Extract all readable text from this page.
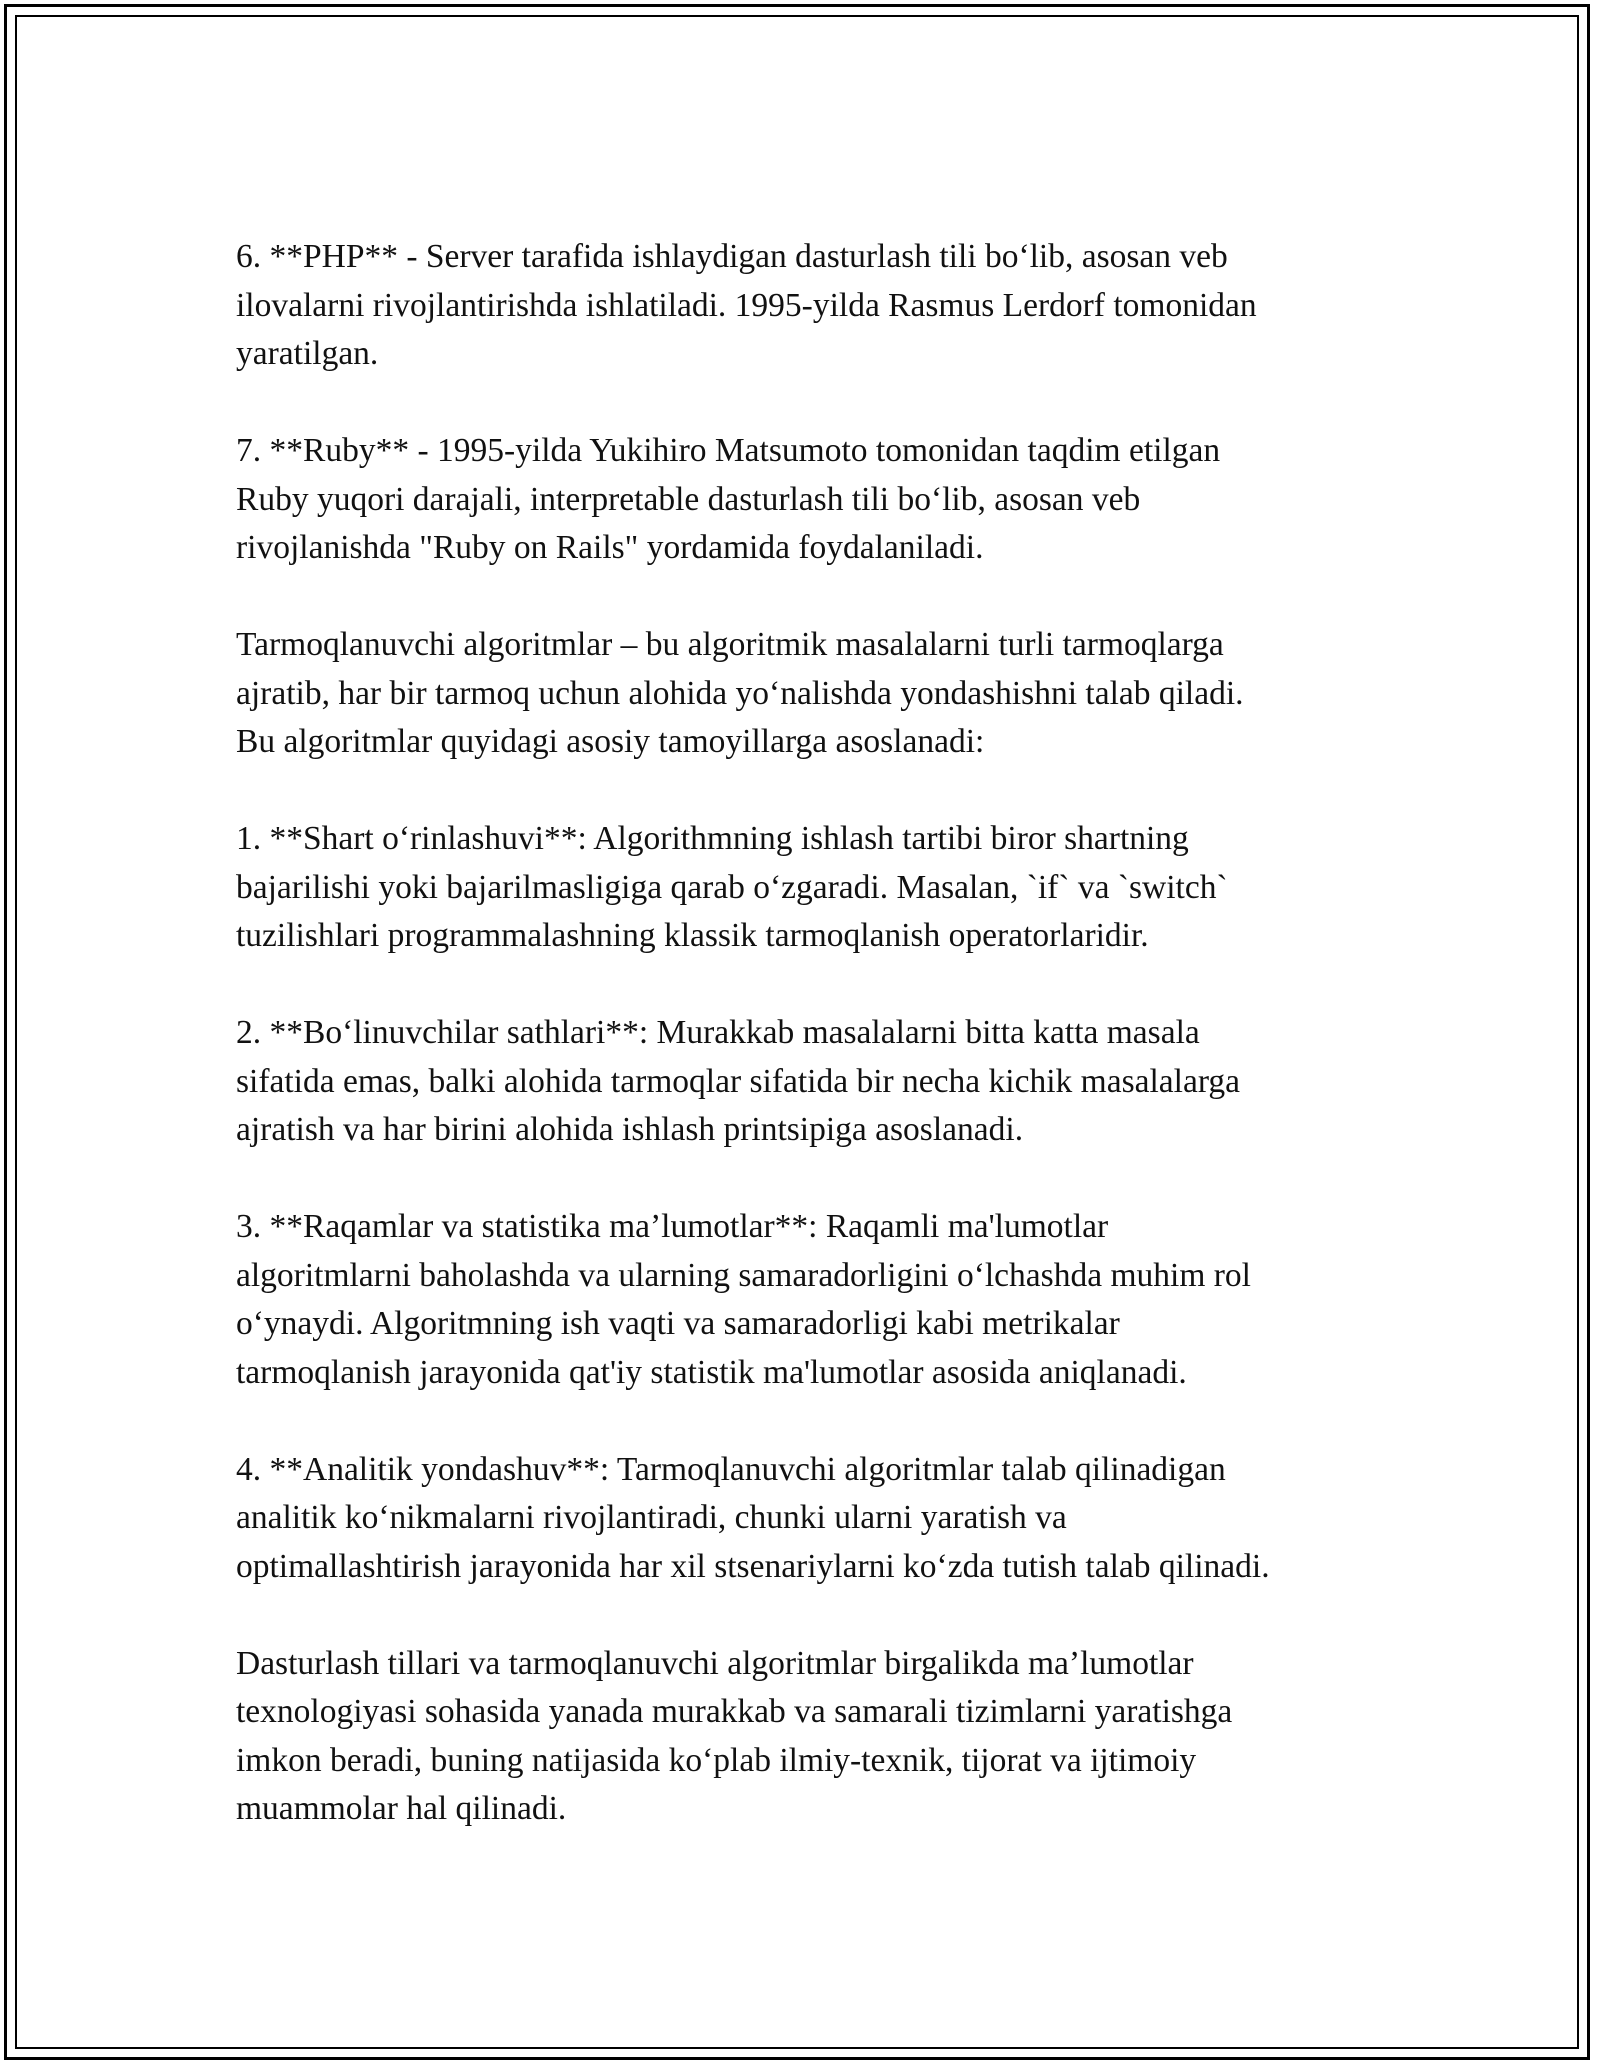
6. **PHP** - Server tarafida ishlaydigan dasturlash tili bo‘lib, asosan veb
ilovalarni rivojlantirishda ishlatiladi. 1995-yilda Rasmus Lerdorf tomonidan
yaratilgan.

7. **Ruby** - 1995-yilda Yukihiro Matsumoto tomonidan taqdim etilgan
Ruby yuqori darajali, interpretable dasturlash tili bo‘lib, asosan veb
rivojlanishda "Ruby on Rails" yordamida foydalaniladi.

Tarmoqlanuvchi algoritmlar – bu algoritmik masalalarni turli tarmoqlarga
ajratib, har bir tarmoq uchun alohida yo‘nalishda yondashishni talab qiladi.
Bu algoritmlar quyidagi asosiy tamoyillarga asoslanadi:

1. **Shart o‘rinlashuvi**: Algorithmning ishlash tartibi biror shartning
bajarilishi yoki bajarilmasligiga qarab o‘zgaradi. Masalan, `if` va `switch`
tuzilishlari programmalashning klassik tarmoqlanish operatorlaridir.

2. **Bo‘linuvchilar sathlari**: Murakkab masalalarni bitta katta masala
sifatida emas, balki alohida tarmoqlar sifatida bir necha kichik masalalarga
ajratish va har birini alohida ishlash printsipiga asoslanadi.

3. **Raqamlar va statistika ma’lumotlar**: Raqamli ma'lumotlar
algoritmlarni baholashda va ularning samaradorligini o‘lchashda muhim rol
o‘ynaydi. Algoritmning ish vaqti va samaradorligi kabi metrikalar
tarmoqlanish jarayonida qat'iy statistik ma'lumotlar asosida aniqlanadi.

4. **Analitik yondashuv**: Tarmoqlanuvchi algoritmlar talab qilinadigan
analitik ko‘nikmalarni rivojlantiradi, chunki ularni yaratish va
optimallashtirish jarayonida har xil stsenariylarni ko‘zda tutish talab qilinadi.

Dasturlash tillari va tarmoqlanuvchi algoritmlar birgalikda ma’lumotlar
texnologiyasi sohasida yanada murakkab va samarali tizimlarni yaratishga
imkon beradi, buning natijasida ko‘plab ilmiy-texnik, tijorat va ijtimoiy
muammolar hal qilinadi.
